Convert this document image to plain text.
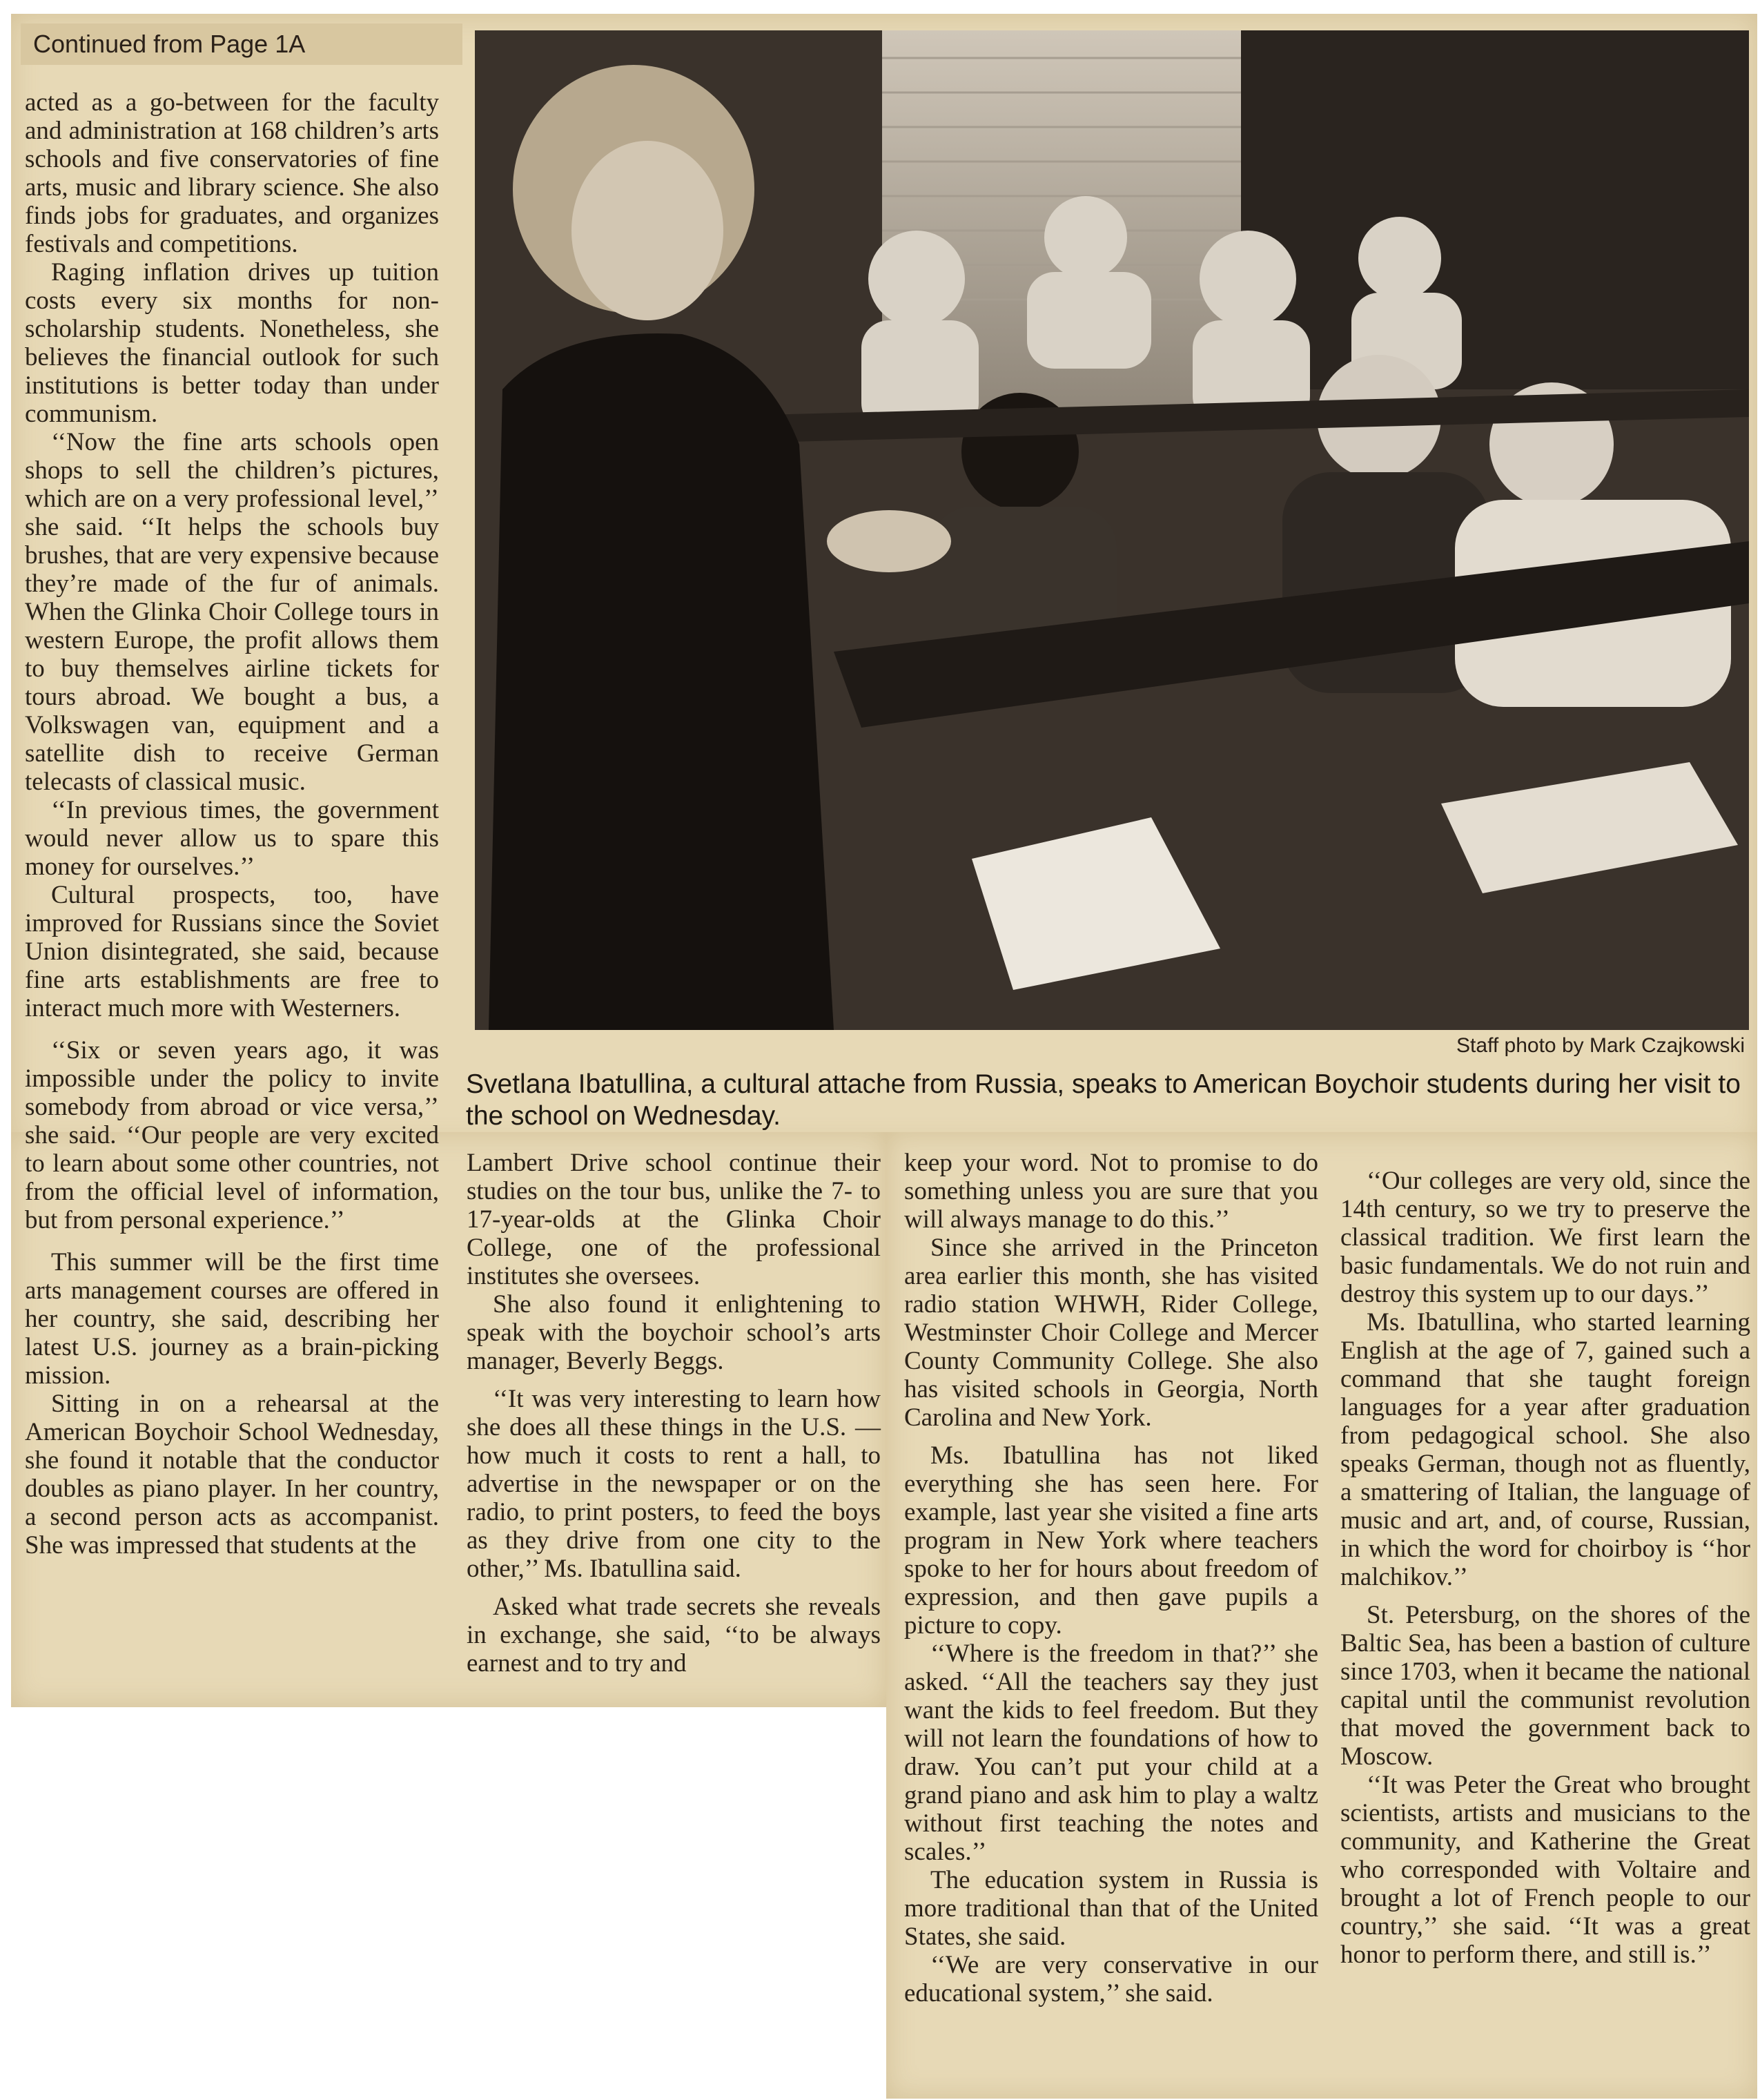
Continued from Page 1A
Staff photo by Mark Czajkowski
Svetlana Ibatullina, a cultural attache from Russia, speaks to American Boychoir students during her visit to the school on Wednesday.

acted as a go-between for the faculty and administration at 168 children’s arts schools and five conservatories of fine arts, music and library science. She also finds jobs for graduates, and organizes festivals and competitions.

Raging inflation drives up tuition costs every six months for non-scholarship students. Nonetheless, she believes the financial outlook for such institutions is better today than under communism.

‘‘Now the fine arts schools open shops to sell the children’s pictures, which are on a very professional level,’’ she said. ‘‘It helps the schools buy brushes, that are very expensive because they’re made of the fur of animals. When the Glinka Choir College tours in western Europe, the profit allows them to buy themselves airline tickets for tours abroad. We bought a bus, a Volkswagen van, equipment and a satellite dish to receive German telecasts of classical music.

‘‘In previous times, the government would never allow us to spare this money for ourselves.’’

Cultural prospects, too, have improved for Russians since the Soviet Union disintegrated, she said, because fine arts establishments are free to interact much more with Westerners.

‘‘Six or seven years ago, it was impossible under the policy to invite somebody from abroad or vice versa,’’ she said. ‘‘Our people are very excited to learn about some other countries, not from the official level of information, but from personal experience.’’

This summer will be the first time arts management courses are offered in her country, she said, describing her latest U.S. journey as a brain-picking mission.

Sitting in on a rehearsal at the American Boychoir School Wednesday, she found it notable that the conductor doubles as piano player. In her country, a second person acts as accompanist. She was impressed that students at the

Lambert Drive school continue their studies on the tour bus, unlike the 7- to 17-year-olds at the Glinka Choir College, one of the professional institutes she oversees.

She also found it enlightening to speak with the boychoir school’s arts manager, Beverly Beggs.

‘‘It was very interesting to learn how she does all these things in the U.S. — how much it costs to rent a hall, to advertise in the newspaper or on the radio, to print posters, to feed the boys as they drive from one city to the other,’’ Ms. Ibatullina said.

Asked what trade secrets she reveals in exchange, she said, ‘‘to be always earnest and to try and

keep your word. Not to promise to do something unless you are sure that you will always manage to do this.’’

Since she arrived in the Princeton area earlier this month, she has visited radio station WHWH, Rider College, Westminster Choir College and Mercer County Community College. She also has visited schools in Georgia, North Carolina and New York.

Ms. Ibatullina has not liked everything she has seen here. For example, last year she visited a fine arts program in New York where teachers spoke to her for hours about freedom of expression, and then gave pupils a picture to copy.

‘‘Where is the freedom in that?’’ she asked. ‘‘All the teachers say they just want the kids to feel freedom. But they will not learn the foundations of how to draw. You can’t put your child at a grand piano and ask him to play a waltz without first teaching the notes and scales.’’

The education system in Russia is more traditional than that of the United States, she said.

‘‘We are very conservative in our educational system,’’ she said.

‘‘Our colleges are very old, since the 14th century, so we try to preserve the classical tradition. We first learn the basic fundamentals. We do not ruin and destroy this system up to our days.’’

Ms. Ibatullina, who started learning English at the age of 7, gained such a command that she taught foreign languages for a year after graduation from pedagogical school. She also speaks German, though not as fluently, a smattering of Italian, the language of music and art, and, of course, Russian, in which the word for choirboy is ‘‘hor malchikov.’’

St. Petersburg, on the shores of the Baltic Sea, has been a bastion of culture since 1703, when it became the national capital until the communist revolution that moved the government back to Moscow.

‘‘It was Peter the Great who brought scientists, artists and musicians to the community, and Katherine the Great who corresponded with Voltaire and brought a lot of French people to our country,’’ she said. ‘‘It was a great honor to perform there, and still is.’’
